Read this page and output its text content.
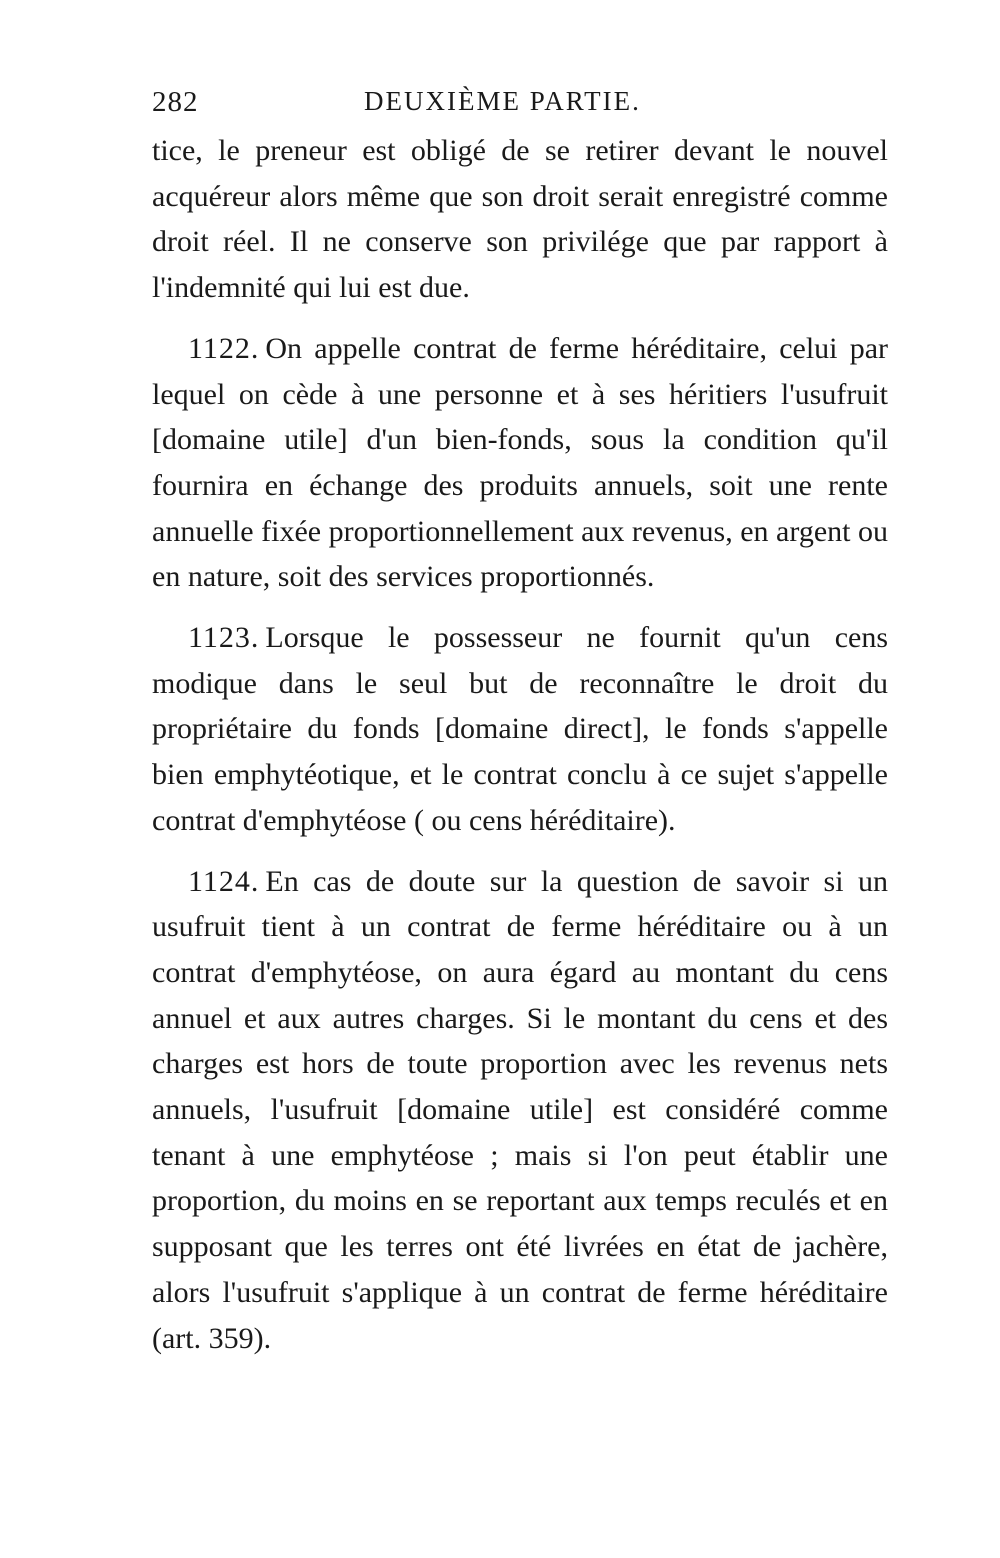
282	DEUXIÈME PARTIE.

tice, le preneur est obligé de se retirer devant le nouvel acquéreur alors même que son droit serait enregistré comme droit réel. Il ne conserve son privilége que par rapport à l'indemnité qui lui est due.

1122. On appelle contrat de ferme héréditaire, celui par lequel on cède à une personne et à ses héritiers l'usufruit [domaine utile] d'un bien-fonds, sous la condition qu'il fournira en échange des produits annuels, soit une rente annuelle fixée proportionnellement aux revenus, en argent ou en nature, soit des services proportionnés.

1123. Lorsque le possesseur ne fournit qu'un cens modique dans le seul but de reconnaître le droit du propriétaire du fonds [domaine direct], le fonds s'appelle bien emphytéotique, et le contrat conclu à ce sujet s'appelle contrat d'emphytéose ( ou cens héréditaire).

1124. En cas de doute sur la question de savoir si un usufruit tient à un contrat de ferme héréditaire ou à un contrat d'emphytéose, on aura égard au montant du cens annuel et aux autres charges. Si le montant du cens et des charges est hors de toute proportion avec les revenus nets annuels, l'usufruit [domaine utile] est considéré comme tenant à une emphytéose ; mais si l'on peut établir une proportion, du moins en se reportant aux temps reculés et en supposant que les terres ont été livrées en état de jachère, alors l'usufruit s'applique à un contrat de ferme héréditaire (art. 359).
